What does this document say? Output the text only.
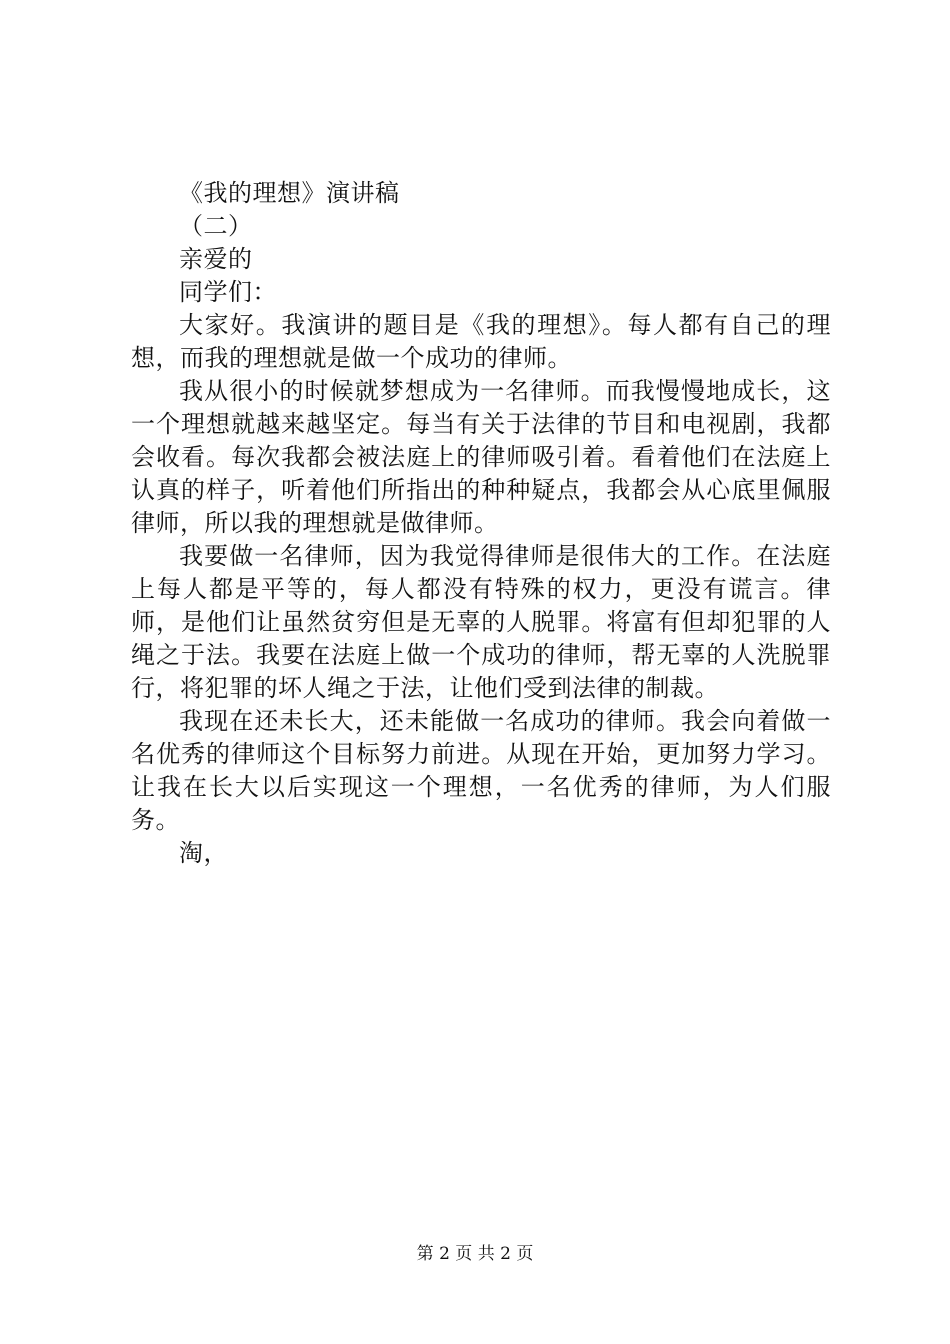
《我的理想》演讲稿
（二）
亲爱的
同学们：
大家好。我演讲的题目是《我的理想》。每人都有自己的理想，而我的理想就是做一个成功的律师。
我从很小的时候就梦想成为一名律师。而我慢慢地成长，这一个理想就越来越坚定。每当有关于法律的节目和电视剧，我都会收看。每次我都会被法庭上的律师吸引着。看着他们在法庭上认真的样子，听着他们所指出的种种疑点，我都会从心底里佩服律师，所以我的理想就是做律师。
我要做一名律师，因为我觉得律师是很伟大的工作。在法庭上每人都是平等的，每人都没有特殊的权力，更没有谎言。律师，是他们让虽然贫穷但是无辜的人脱罪。将富有但却犯罪的人绳之于法。我要在法庭上做一个成功的律师，帮无辜的人洗脱罪行，将犯罪的坏人绳之于法，让他们受到法律的制裁。
我现在还未长大，还未能做一名成功的律师。我会向着做一名优秀的律师这个目标努力前进。从现在开始，更加努力学习。让我在长大以后实现这一个理想，一名优秀的律师，为人们服务。
淘，
第 2 页 共 2 页
